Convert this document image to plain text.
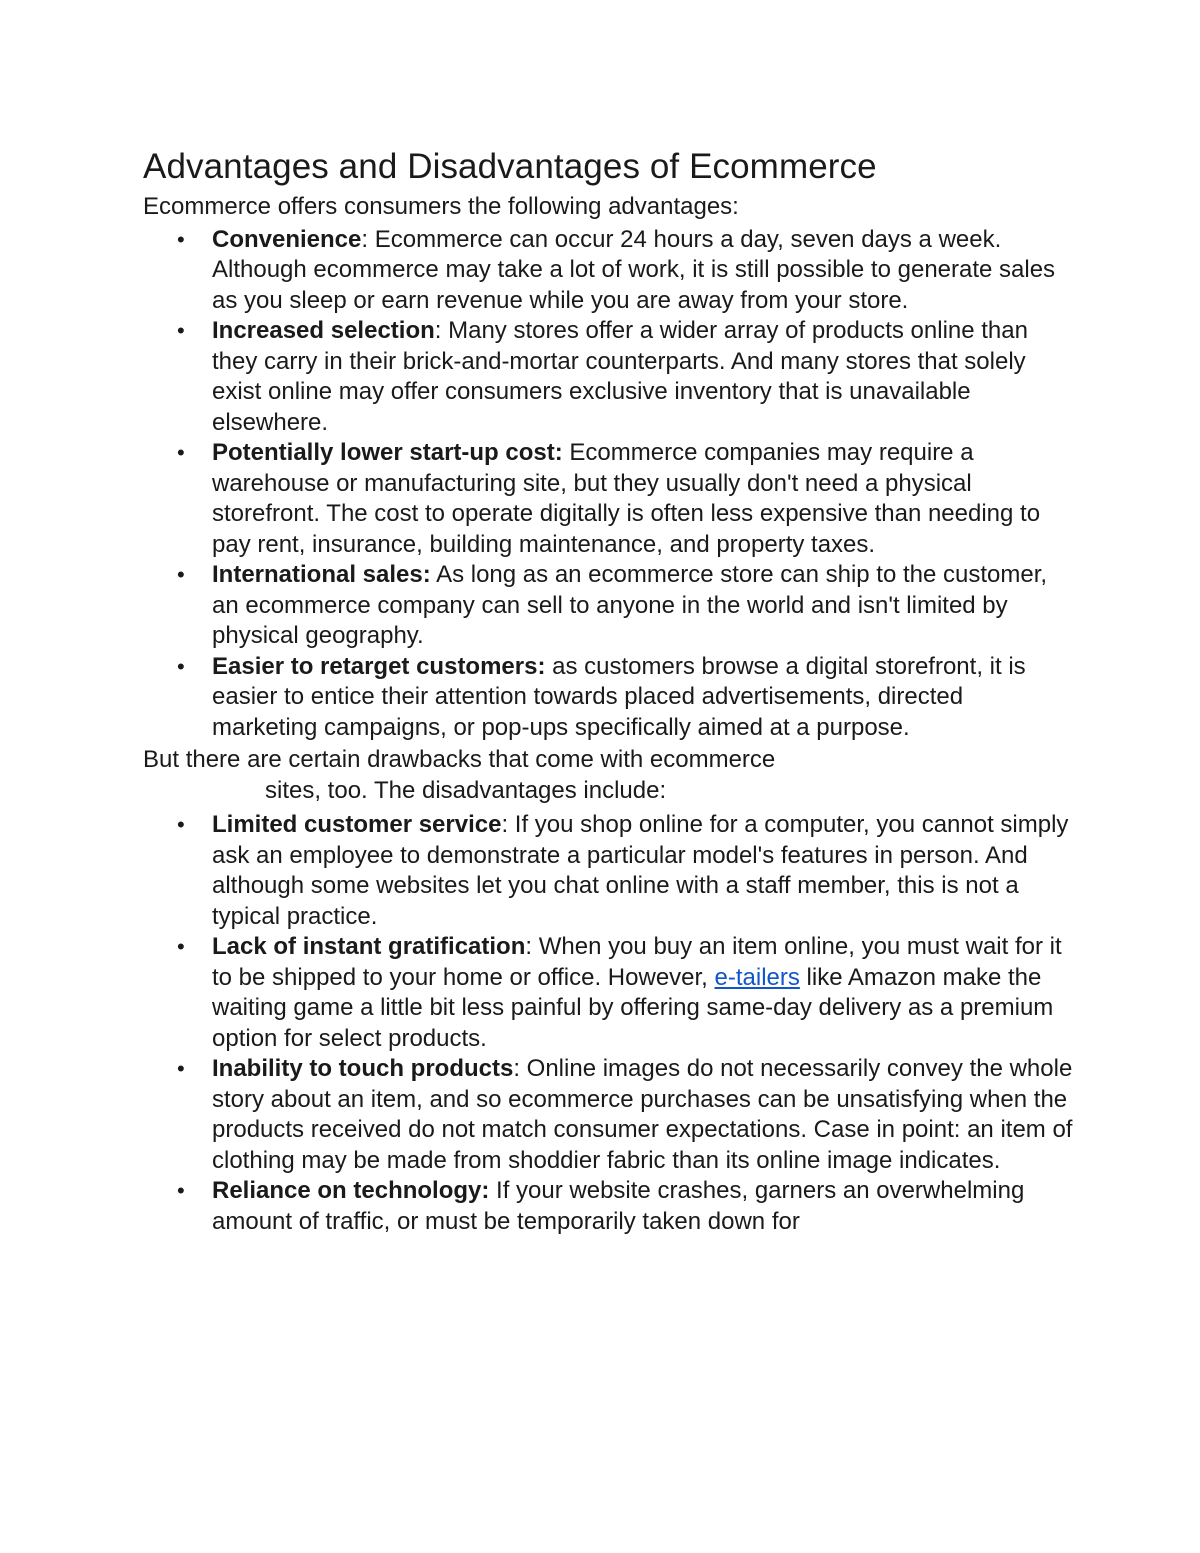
Advantages and Disadvantages of Ecommerce

Ecommerce offers consumers the following advantages:

• Convenience: Ecommerce can occur 24 hours a day, seven days a week. Although ecommerce may take a lot of work, it is still possible to generate sales as you sleep or earn revenue while you are away from your store.
• Increased selection: Many stores offer a wider array of products online than they carry in their brick-and-mortar counterparts. And many stores that solely exist online may offer consumers exclusive inventory that is unavailable elsewhere.
• Potentially lower start-up cost: Ecommerce companies may require a warehouse or manufacturing site, but they usually don't need a physical storefront. The cost to operate digitally is often less expensive than needing to pay rent, insurance, building maintenance, and property taxes.
• International sales: As long as an ecommerce store can ship to the customer, an ecommerce company can sell to anyone in the world and isn't limited by physical geography.
• Easier to retarget customers: as customers browse a digital storefront, it is easier to entice their attention towards placed advertisements, directed marketing campaigns, or pop-ups specifically aimed at a purpose.

But there are certain drawbacks that come with ecommerce
sites, too. The disadvantages include:

• Limited customer service: If you shop online for a computer, you cannot simply ask an employee to demonstrate a particular model's features in person. And although some websites let you chat online with a staff member, this is not a typical practice.
• Lack of instant gratification: When you buy an item online, you must wait for it to be shipped to your home or office. However, e-tailers like Amazon make the waiting game a little bit less painful by offering same-day delivery as a premium option for select products.
• Inability to touch products: Online images do not necessarily convey the whole story about an item, and so ecommerce purchases can be unsatisfying when the products received do not match consumer expectations. Case in point: an item of clothing may be made from shoddier fabric than its online image indicates.
• Reliance on technology: If your website crashes, garners an overwhelming amount of traffic, or must be temporarily taken down for
